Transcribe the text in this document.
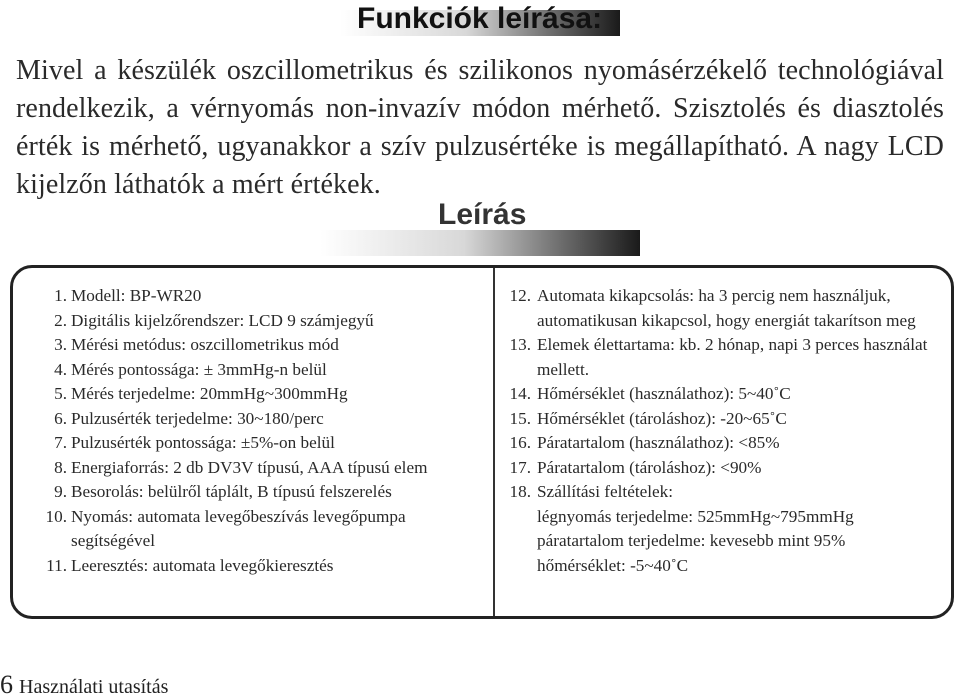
Funkciók leírása:
Mivel a készülék oszcillometrikus és szilikonos nyomásérzékelő technológiával rendelkezik, a vérnyomás non-invazív módon mérhető. Szisztolés és diasztolés érték is mérhető, ugyanakkor a szív pulzusértéke is megállapítható. A nagy LCD kijelzőn láthatók a mért értékek.
Leírás
1. Modell: BP-WR20
2. Digitális kijelzőrendszer: LCD 9 számjegyű
3. Mérési metódus: oszcillometrikus mód
4. Mérés pontossága: ± 3mmHg-n belül
5. Mérés terjedelme: 20mmHg~300mmHg
6. Pulzusérték terjedelme: 30~180/perc
7. Pulzusérték pontossága: ±5%-on belül
8. Energiaforrás: 2 db DV3V típusú, AAA típusú elem
9. Besorolás: belülről táplált, B típusú felszerelés
10. Nyomás: automata levegőbeszívás levegőpumpa segítségével
11. Leeresztés: automata levegőkieresztés
12. Automata kikapcsolás: ha 3 percig nem használjuk, automatikusan kikapcsol, hogy energiát takarítson meg
13. Elemek élettartama: kb. 2 hónap, napi 3 perces használat mellett.
14. Hőmérséklet (használathoz): 5~40˚C
15. Hőmérséklet (tároláshoz): -20~65˚C
16. Páratartalom (használathoz): <85%
17. Páratartalom (tároláshoz): <90%
18. Szállítási feltételek:
légnyomás terjedelme: 525mmHg~795mmHg
páratartalom terjedelme: kevesebb mint 95%
hőmérséklet: -5~40˚C
6 Használati utasítás
